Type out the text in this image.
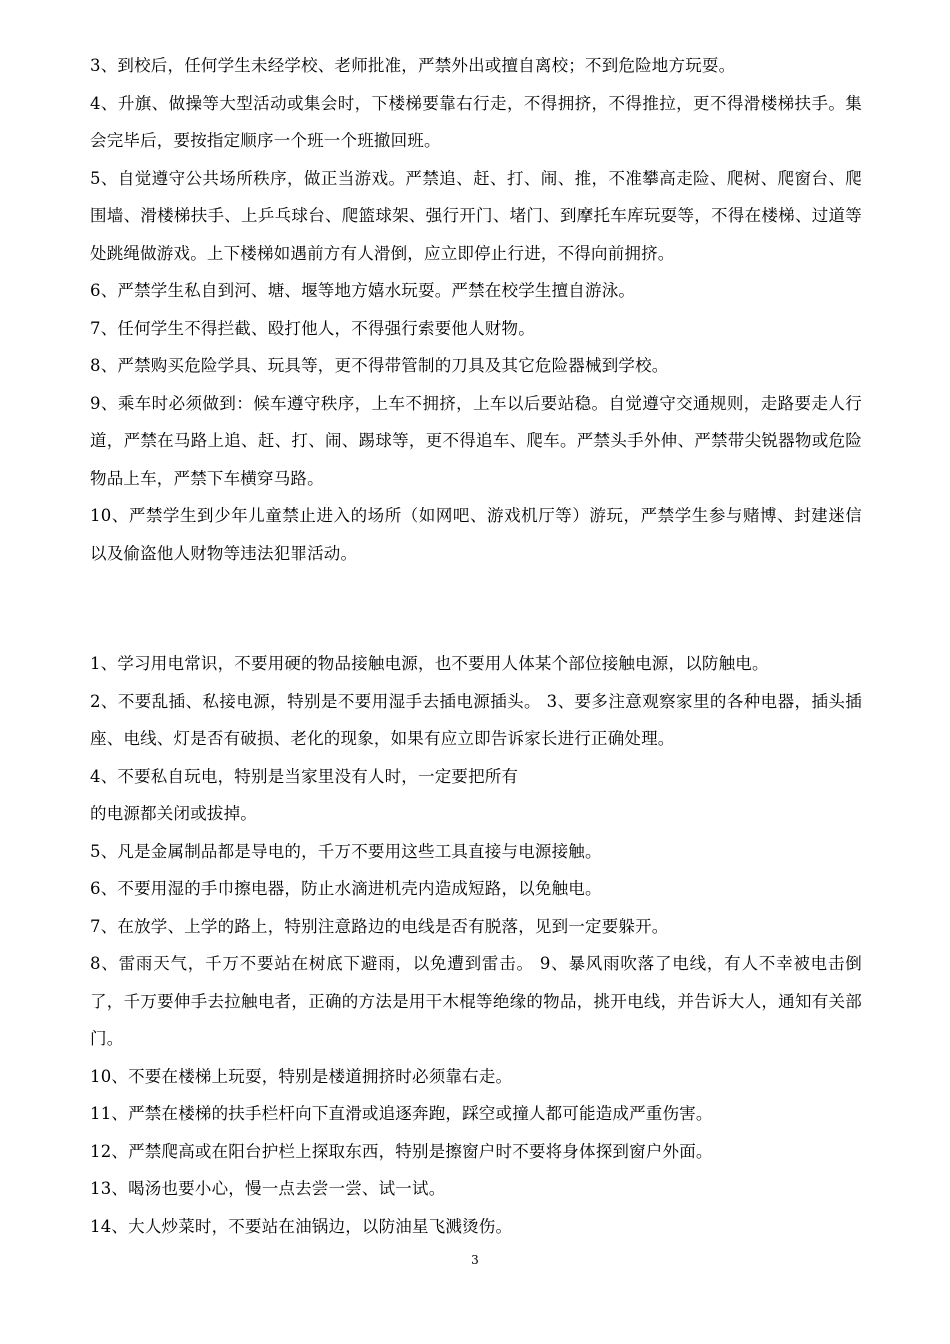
3、到校后，任何学生未经学校、老师批准，严禁外出或擅自离校；不到危险地方玩耍。

4、升旗、做操等大型活动或集会时，下楼梯要靠右行走，不得拥挤，不得推拉，更不得滑楼梯扶手。集会完毕后，要按指定顺序一个班一个班撤回班。

5、自觉遵守公共场所秩序，做正当游戏。严禁追、赶、打、闹、推，不准攀高走险、爬树、爬窗台、爬围墙、滑楼梯扶手、上乒乓球台、爬篮球架、强行开门、堵门、到摩托车库玩耍等，不得在楼梯、过道等处跳绳做游戏。上下楼梯如遇前方有人滑倒，应立即停止行进，不得向前拥挤。

6、严禁学生私自到河、塘、堰等地方嬉水玩耍。严禁在校学生擅自游泳。

7、任何学生不得拦截、殴打他人，不得强行索要他人财物。

8、严禁购买危险学具、玩具等，更不得带管制的刀具及其它危险器械到学校。

9、乘车时必须做到：候车遵守秩序，上车不拥挤，上车以后要站稳。自觉遵守交通规则，走路要走人行道，严禁在马路上追、赶、打、闹、踢球等，更不得追车、爬车。严禁头手外伸、严禁带尖锐器物或危险物品上车，严禁下车横穿马路。

10、严禁学生到少年儿童禁止进入的场所（如网吧、游戏机厅等）游玩，严禁学生参与赌博、封建迷信以及偷盗他人财物等违法犯罪活动。

1、学习用电常识，不要用硬的物品接触电源，也不要用人体某个部位接触电源，以防触电。

2、不要乱插、私接电源，特别是不要用湿手去插电源插头。 3、要多注意观察家里的各种电器，插头插座、电线、灯是否有破损、老化的现象，如果有应立即告诉家长进行正确处理。

4、不要私自玩电，特别是当家里没有人时，一定要把所有

的电源都关闭或拔掉。

5、凡是金属制品都是导电的，千万不要用这些工具直接与电源接触。

6、不要用湿的手巾擦电器，防止水滴进机壳内造成短路，以免触电。

7、在放学、上学的路上，特别注意路边的电线是否有脱落，见到一定要躲开。

8、雷雨天气，千万不要站在树底下避雨，以免遭到雷击。 9、暴风雨吹落了电线，有人不幸被电击倒了，千万要伸手去拉触电者，正确的方法是用干木棍等绝缘的物品，挑开电线，并告诉大人，通知有关部门。

10、不要在楼梯上玩耍，特别是楼道拥挤时必须靠右走。

11、严禁在楼梯的扶手栏杆向下直滑或追逐奔跑，踩空或撞人都可能造成严重伤害。

12、严禁爬高或在阳台护栏上探取东西，特别是擦窗户时不要将身体探到窗户外面。

13、喝汤也要小心，慢一点去尝一尝、试一试。

14、大人炒菜时，不要站在油锅边，以防油星飞溅烫伤。

3
